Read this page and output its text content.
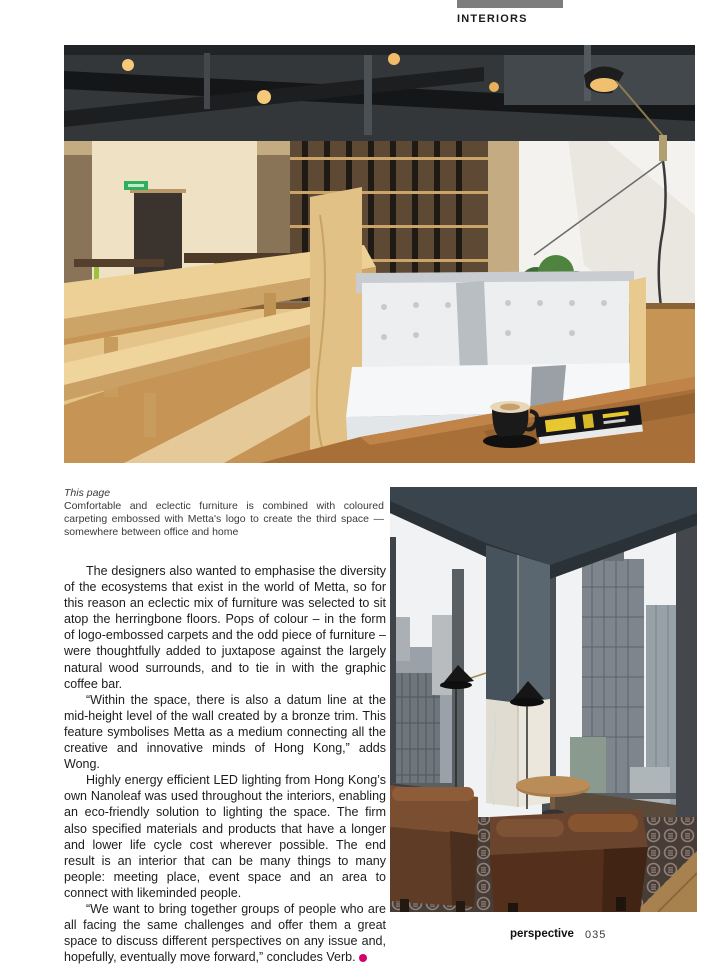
INTERIORS
This page
Comfortable and eclectic furniture is combined with coloured carpeting embossed with Metta's logo to create the third space — somewhere between office and home

The designers also wanted to emphasise the diversity of the ecosystems that exist in the world of Metta, so for this reason an eclectic mix of furniture was selected to sit atop the herringbone floors. Pops of colour – in the form of logo-embossed carpets and the odd piece of furniture – were thoughtfully added to juxtapose against the largely natural wood surrounds, and to tie in with the graphic coffee bar.

“Within the space, there is also a datum line at the mid-height level of the wall created by a bronze trim. This feature symbolises Metta as a medium connecting all the creative and innovative minds of Hong Kong,” adds Wong.

Highly energy efficient LED lighting from Hong Kong’s own Nanoleaf was used throughout the interiors, enabling an eco-friendly solution to lighting the space. The firm also specified materials and products that have a longer and lower life cycle cost wherever possible. The end result is an interior that can be many things to many people: meeting place, event space and an area to connect with likeminded people.

“We want to bring together groups of people who are all facing the same challenges and offer them a great space to discuss different perspectives on any issue and, hopefully, eventually move forward,” concludes Verb.

perspective 035
